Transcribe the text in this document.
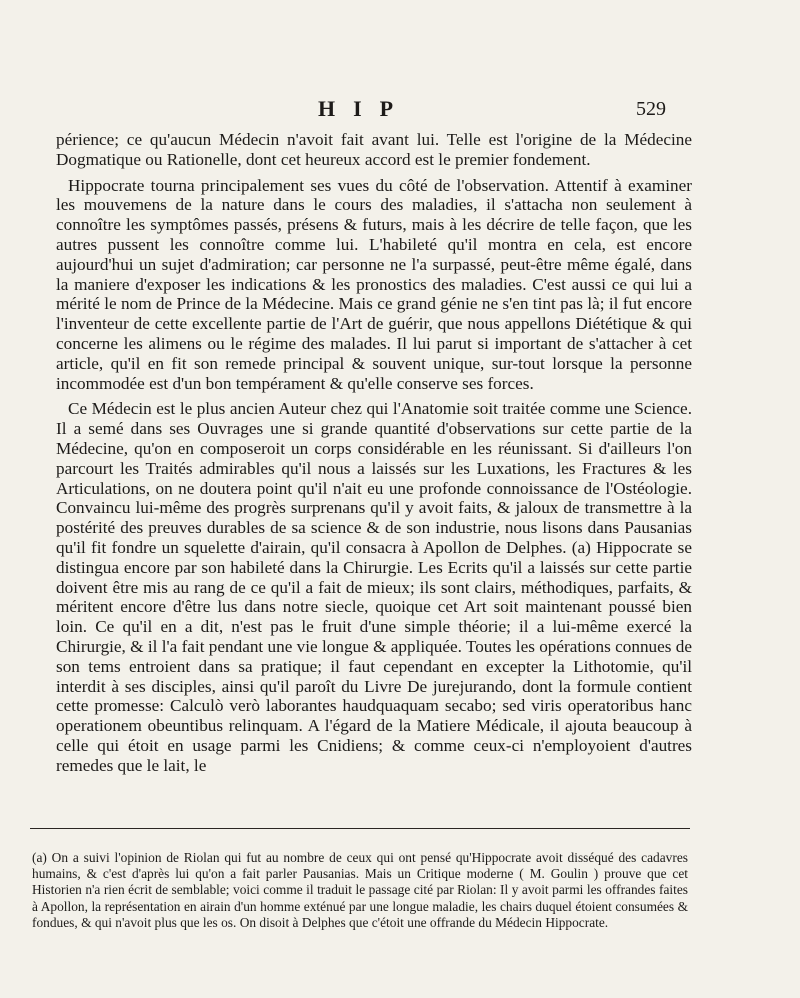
HIP	529

périence; ce qu'aucun Médecin n'avoit fait avant lui. Telle est l'origine de la Médecine Dogmatique ou Rationelle, dont cet heureux accord est le premier fondement.

Hippocrate tourna principalement ses vues du côté de l'observation. Attentif à examiner les mouvemens de la nature dans le cours des maladies, il s'attacha non seulement à connoître les symptômes passés, présens & futurs, mais à les décrire de telle façon, que les autres pussent les connoître comme lui. L'habileté qu'il montra en cela, est encore aujourd'hui un sujet d'admiration; car personne ne l'a surpassé, peut-être même égalé, dans la maniere d'exposer les indications & les pronostics des maladies. C'est aussi ce qui lui a mérité le nom de Prince de la Médecine. Mais ce grand génie ne s'en tint pas là; il fut encore l'inventeur de cette excellente partie de l'Art de guérir, que nous appellons Diététique & qui concerne les alimens ou le régime des malades. Il lui parut si important de s'attacher à cet article, qu'il en fit son remede principal & souvent unique, sur-tout lorsque la personne incommodée est d'un bon tempérament & qu'elle conserve ses forces.

Ce Médecin est le plus ancien Auteur chez qui l'Anatomie soit traitée comme une Science. Il a semé dans ses Ouvrages une si grande quantité d'observations sur cette partie de la Médecine, qu'on en composeroit un corps considérable en les réunissant. Si d'ailleurs l'on parcourt les Traités admirables qu'il nous a laissés sur les Luxations, les Fractures & les Articulations, on ne doutera point qu'il n'ait eu une profonde connoissance de l'Ostéologie. Convaincu lui-même des progrès surprenans qu'il y avoit faits, & jaloux de transmettre à la postérité des preuves durables de sa science & de son industrie, nous lisons dans Pausanias qu'il fit fondre un squelette d'airain, qu'il consacra à Apollon de Delphes. (a) Hippocrate se distingua encore par son habileté dans la Chirurgie. Les Ecrits qu'il a laissés sur cette partie doivent être mis au rang de ce qu'il a fait de mieux; ils sont clairs, méthodiques, parfaits, & méritent encore d'être lus dans notre siecle, quoique cet Art soit maintenant poussé bien loin. Ce qu'il en a dit, n'est pas le fruit d'une simple théorie; il a lui-même exercé la Chirurgie, & il l'a fait pendant une vie longue & appliquée. Toutes les opérations connues de son tems entroient dans sa pratique; il faut cependant en excepter la Lithotomie, qu'il interdit à ses disciples, ainsi qu'il paroît du Livre De jurejurando, dont la formule contient cette promesse: Calculò verò laborantes haudquaquam secabo; sed viris operatoribus hanc operationem obeuntibus relinquam. A l'égard de la Matiere Médicale, il ajouta beaucoup à celle qui étoit en usage parmi les Cnidiens; & comme ceux-ci n'employoient d'autres remedes que le lait, le

(a) On a suivi l'opinion de Riolan qui fut au nombre de ceux qui ont pensé qu'Hippocrate avoit disséqué des cadavres humains, & c'est d'après lui qu'on a fait parler Pausanias. Mais un Critique moderne ( M. Goulin ) prouve que cet Historien n'a rien écrit de semblable; voici comme il traduit le passage cité par Riolan: Il y avoit parmi les offrandes faites à Apollon, la représentation en airain d'un homme exténué par une longue maladie, les chairs duquel étoient consumées & fondues, & qui n'avoit plus que les os. On disoit à Delphes que c'étoit une offrande du Médecin Hippocrate.
